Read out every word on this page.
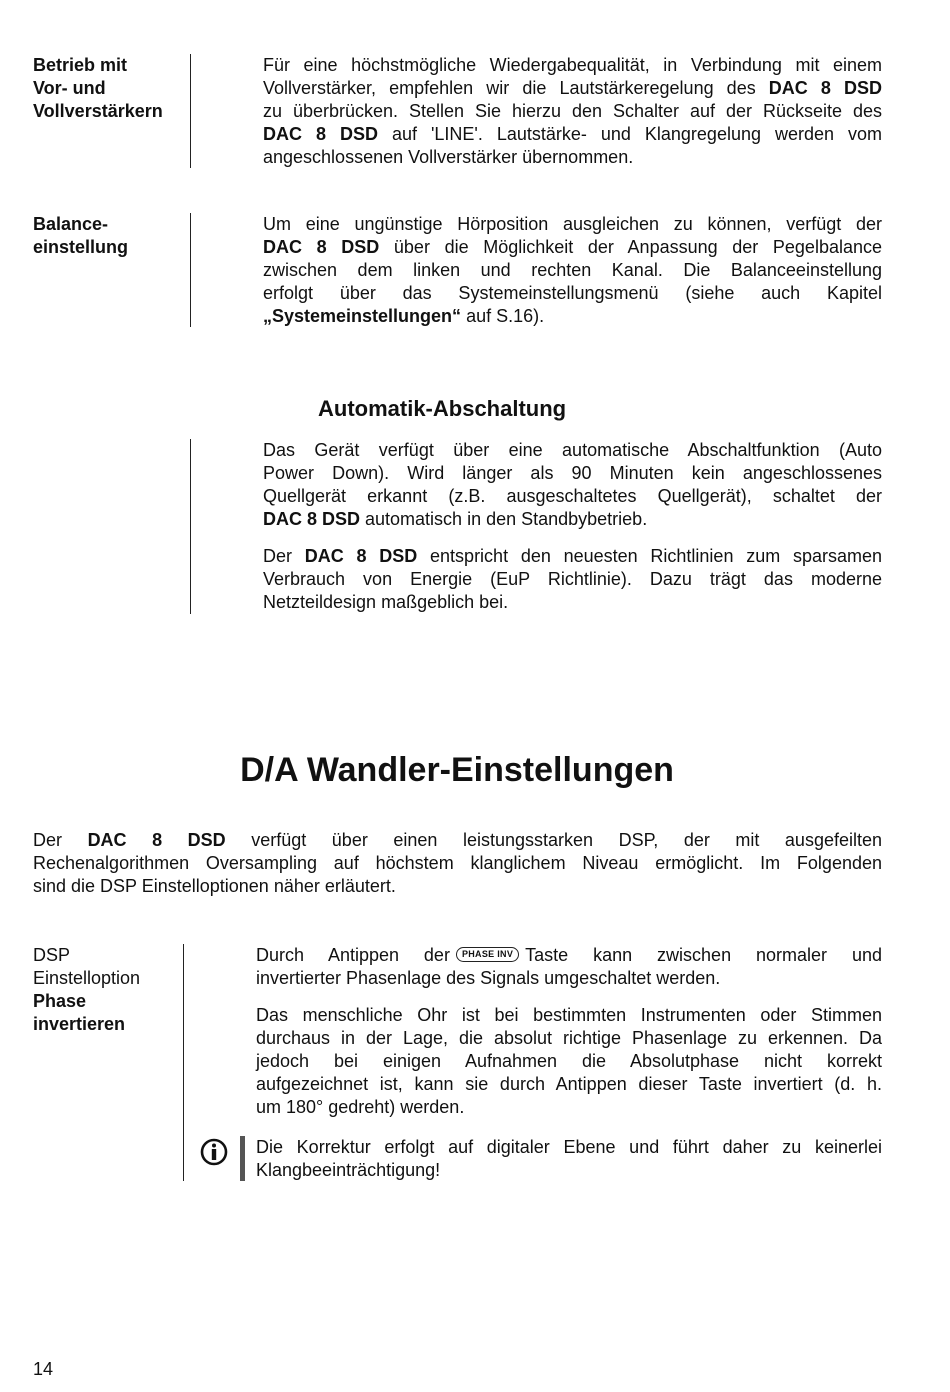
Betrieb mit
Vor- und
Vollverstärkern
Für eine höchstmögliche Wiedergabequalität, in Verbindung mit einem
Vollverstärker, empfehlen wir die Lautstärkeregelung des DAC 8 DSD
zu überbrücken. Stellen Sie hierzu den Schalter auf der Rückseite des
DAC 8 DSD auf 'LINE'. Lautstärke- und Klangregelung werden vom
angeschlossenen Vollverstärker übernommen.
Balance-
einstellung
Um eine ungünstige Hörposition ausgleichen zu können, verfügt der
DAC 8 DSD über die Möglichkeit der Anpassung der Pegelbalance
zwischen dem linken und rechten Kanal. Die Balanceeinstellung
erfolgt über das Systemeinstellungsmenü (siehe auch Kapitel
„Systemeinstellungen“ auf S.16).
Automatik-Abschaltung
Das Gerät verfügt über eine automatische Abschaltfunktion (Auto
Power Down). Wird länger als 90 Minuten kein angeschlossenes
Quellgerät erkannt (z.B. ausgeschaltetes Quellgerät), schaltet der
DAC 8 DSD automatisch in den Standbybetrieb.
Der DAC 8 DSD entspricht den neuesten Richtlinien zum sparsamen
Verbrauch von Energie (EuP Richtlinie). Dazu trägt das moderne
Netzteildesign maßgeblich bei.
D/A Wandler-Einstellungen
Der DAC 8 DSD verfügt über einen leistungsstarken DSP, der mit ausgefeilten
Rechenalgorithmen Oversampling auf höchstem klanglichem Niveau ermöglicht. Im Folgenden
sind die DSP Einstelloptionen näher erläutert.
DSP
Einstelloption
Phase
invertieren
Durch Antippen der PHASE INV Taste kann zwischen normaler und
invertierter Phasenlage des Signals umgeschaltet werden.
Das menschliche Ohr ist bei bestimmten Instrumenten oder Stimmen
durchaus in der Lage, die absolut richtige Phasenlage zu erkennen. Da
jedoch bei einigen Aufnahmen die Absolutphase nicht korrekt
aufgezeichnet ist, kann sie durch Antippen dieser Taste invertiert (d. h.
um 180° gedreht) werden.
Die Korrektur erfolgt auf digitaler Ebene und führt daher zu keinerlei
Klangbeeinträchtigung!
14
